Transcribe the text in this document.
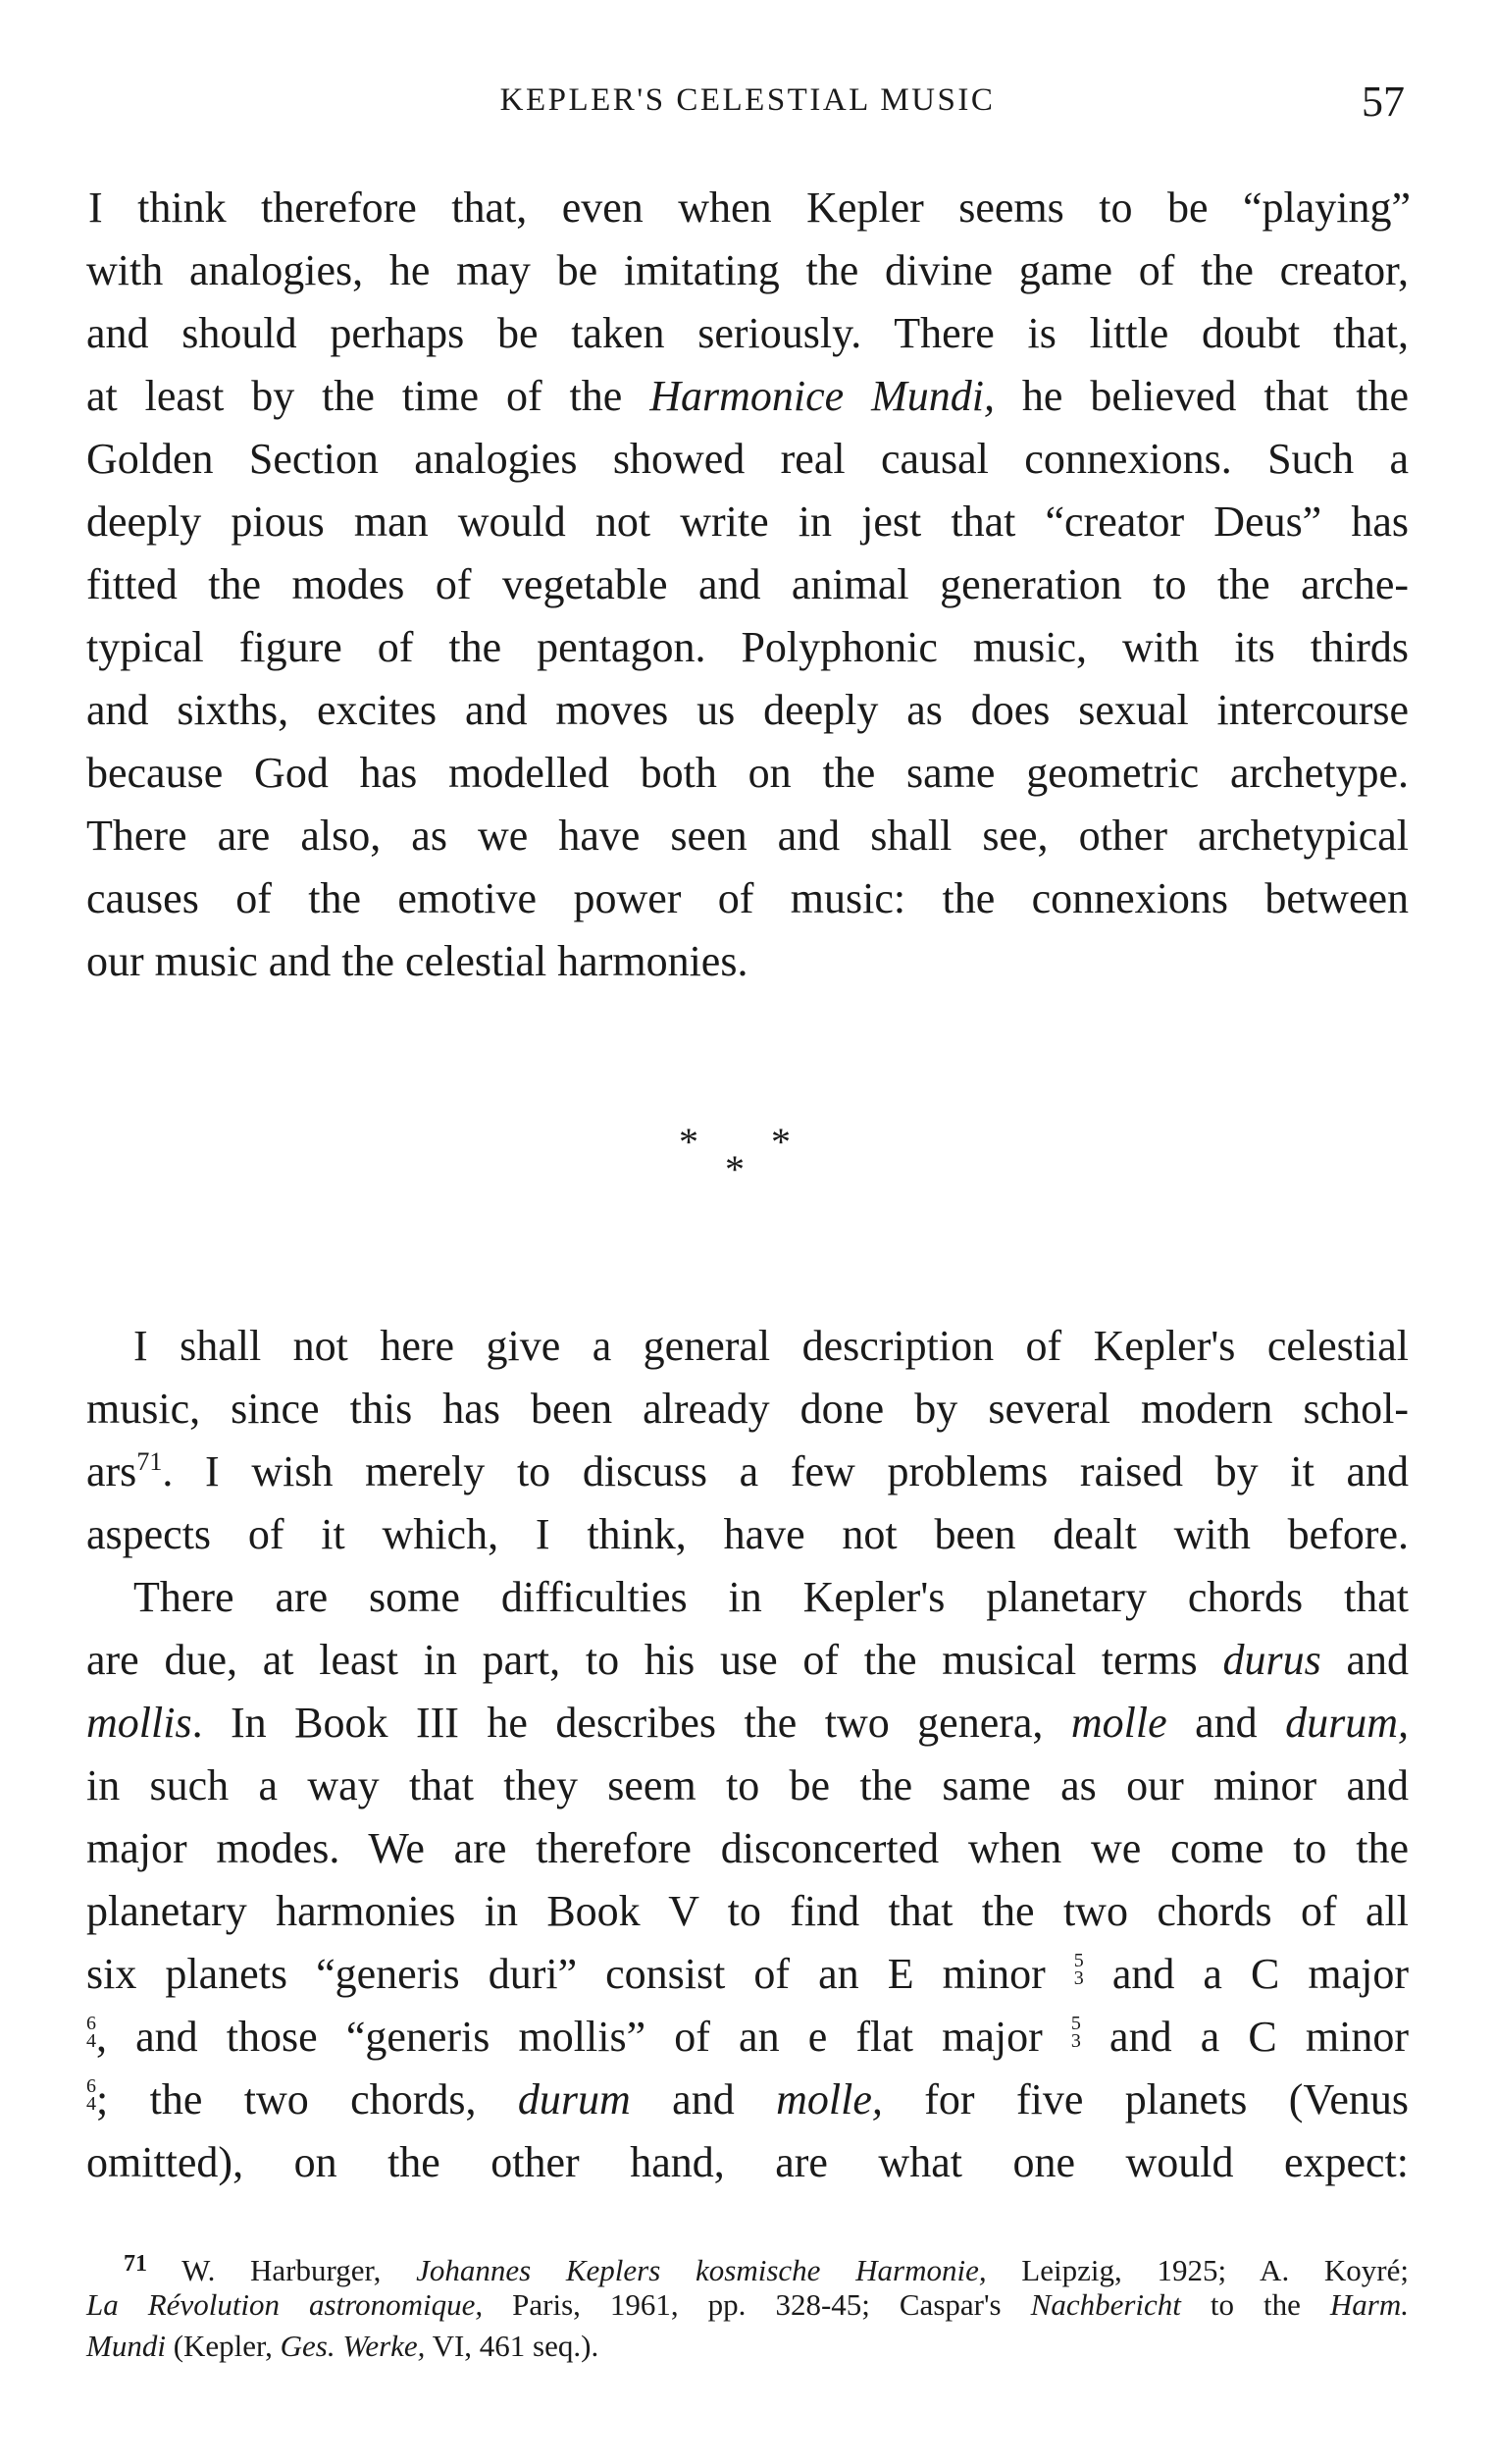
KEPLER'S CELESTIAL MUSIC	57
I think therefore that, even when Kepler seems to be “playing”
with analogies, he may be imitating the divine game of the creator,
and should perhaps be taken seriously. There is little doubt that,
at least by the time of the Harmonice Mundi, he believed that the
Golden Section analogies showed real causal connexions. Such a
deeply pious man would not write in jest that “creator Deus” has
fitted the modes of vegetable and animal generation to the arche-
typical figure of the pentagon. Polyphonic music, with its thirds
and sixths, excites and moves us deeply as does sexual intercourse
because God has modelled both on the same geometric archetype.
There are also, as we have seen and shall see, other archetypical
causes of the emotive power of music: the connexions between
our music and the celestial harmonies.
* *
*
I shall not here give a general description of Kepler's celestial
music, since this has been already done by several modern schol-
ars$^{71}$. I wish merely to discuss a few problems raised by it and
aspects of it which, I think, have not been dealt with before.
There are some difficulties in Kepler's planetary chords that
are due, at least in part, to his use of the musical terms durus and
mollis. In Book III he describes the two genera, molle and durum,
in such a way that they seem to be the same as our minor and
major modes. We are therefore disconcerted when we come to the
planetary harmonies in Book V to find that the two chords of all
six planets “generis duri” consist of an E minor 5
3 and a C major
6
4 , and those “generis mollis” of an e flat major 5
3 and a C minor
6
4 ; the two chords, durum and molle, for five planets (Venus
omitted), on the other hand, are what one would expect:
$^{71}$ W. Harburger, Johannes Keplers kosmische Harmonie, Leipzig, 1925; A. Koyré;
La Révolution astronomique, Paris, 1961, pp. 328-45; Caspar's Nachbericht to the Harm.
Mundi (Kepler, Ges. Werke, VI, 461 seq.).
